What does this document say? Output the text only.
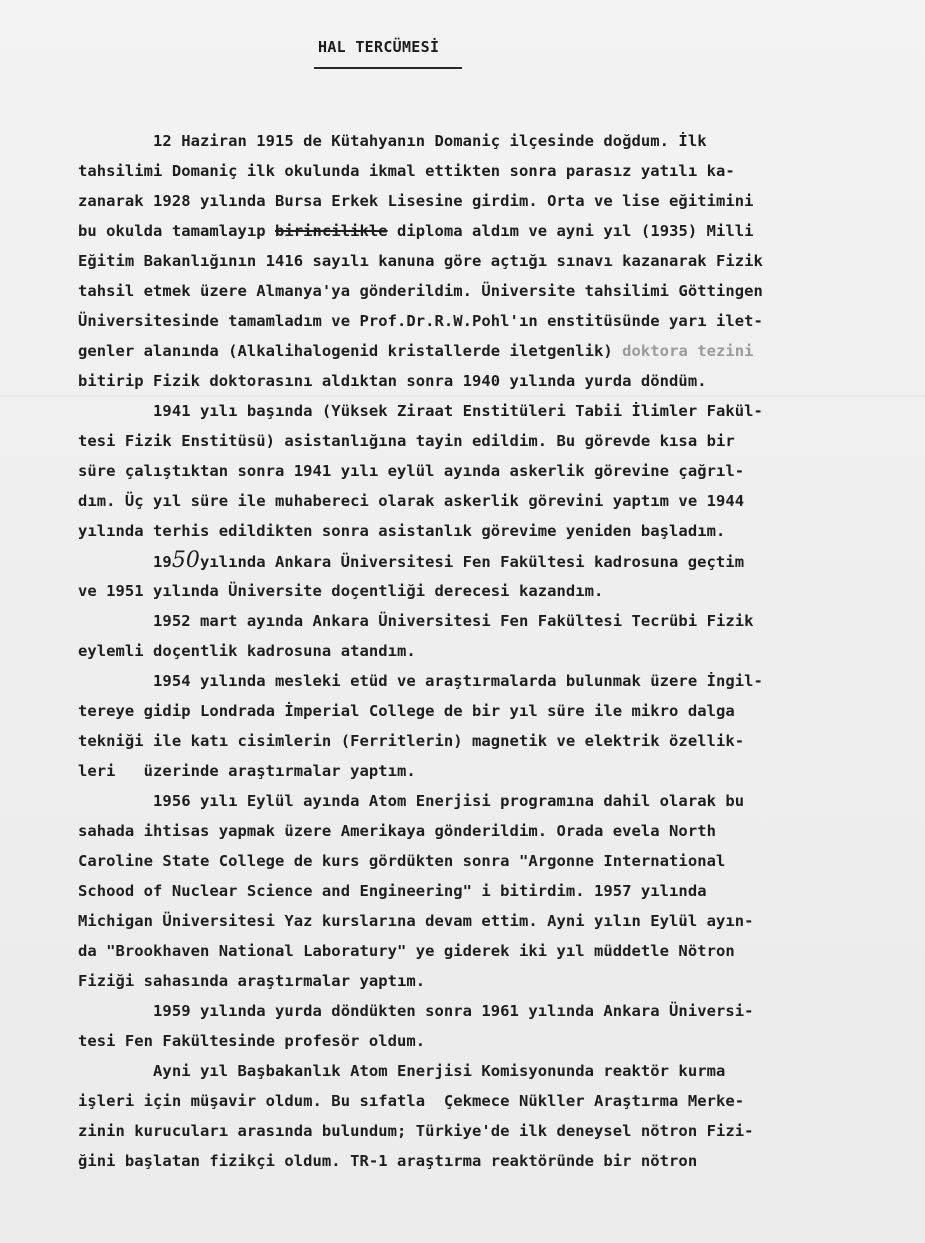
HAL TERCÜMESİ
12 Haziran 1915 de Kütahyanın Domaniç ilçesinde doğdum. İlk
tahsilimi Domaniç ilk okulunda ikmal ettikten sonra parasız yatılı ka-
zanarak 1928 yılında Bursa Erkek Lisesine girdim. Orta ve lise eğitimini
bu okulda tamamlayıp birincilikle diploma aldım ve ayni yıl (1935) Milli
Eğitim Bakanlığının 1416 sayılı kanuna göre açtığı sınavı kazanarak Fizik
tahsil etmek üzere Almanya'ya gönderildim. Üniversite tahsilimi Göttingen
Üniversitesinde tamamladım ve Prof.Dr.R.W.Pohl'ın enstitüsünde yarı ilet-
genler alanında (Alkalihalogenid kristallerde iletgenlik) doktora tezini
bitirip Fizik doktorasını aldıktan sonra 1940 yılında yurda döndüm.
1941 yılı başında (Yüksek Ziraat Enstitüleri Tabii İlimler Fakül-
tesi Fizik Enstitüsü) asistanlığına tayin edildim. Bu görevde kısa bir
süre çalıştıktan sonra 1941 yılı eylül ayında askerlik görevine çağrıl-
dım. Üç yıl süre ile muhabereci olarak askerlik görevini yaptım ve 1944
yılında terhis edildikten sonra asistanlık görevime yeniden başladım.
1950yılında Ankara Üniversitesi Fen Fakültesi kadrosuna geçtim
ve 1951 yılında Üniversite doçentliği derecesi kazandım.
1952 mart ayında Ankara Üniversitesi Fen Fakültesi Tecrübi Fizik
eylemli doçentlik kadrosuna atandım.
1954 yılında mesleki etüd ve araştırmalarda bulunmak üzere İngil-
tereye gidip Londrada İmperial College de bir yıl süre ile mikro dalga
tekniği ile katı cisimlerin (Ferritlerin) magnetik ve elektrik özellik-
leri   üzerinde araştırmalar yaptım.
1956 yılı Eylül ayında Atom Enerjisi programına dahil olarak bu
sahada ihtisas yapmak üzere Amerikaya gönderildim. Orada evela North
Caroline State College de kurs gördükten sonra "Argonne International
Schood of Nuclear Science and Engineering" i bitirdim. 1957 yılında
Michigan Üniversitesi Yaz kurslarına devam ettim. Ayni yılın Eylül ayın-
da "Brookhaven National Laboratury" ye giderek iki yıl müddetle Nötron
Fiziği sahasında araştırmalar yaptım.
1959 yılında yurda döndükten sonra 1961 yılında Ankara Üniversi-
tesi Fen Fakültesinde profesör oldum.
Ayni yıl Başbakanlık Atom Enerjisi Komisyonunda reaktör kurma
işleri için müşavir oldum. Bu sıfatla  Çekmece Nükller Araştırma Merke-
zinin kurucuları arasında bulundum; Türkiye'de ilk deneysel nötron Fizi-
ğini başlatan fizikçi oldum. TR-1 araştırma reaktöründe bir nötron
